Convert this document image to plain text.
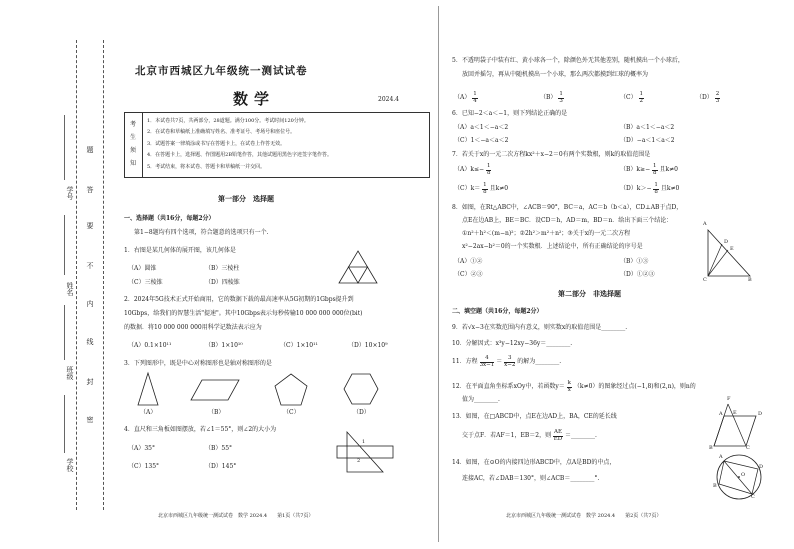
题
答
要
不
内
线
封
密
学号
姓名
班级
学校
北京市西城区九年级统一测试试卷
数学	2024.4
考
生
须
知
1．本试卷共7页，共两部分，28道题。满分100分。考试时间120分钟。
2．在试卷和草稿纸上准确填写姓名、准考证号、考场号和座位号。
3．试题答案一律填涂或书写在答题卡上，在试卷上作答无效。
4．在答题卡上，选择题、作图题用2B铅笔作答，其他试题用黑色字迹签字笔作答。
5．考试结束，将本试卷、答题卡和草稿纸一并交回。
第一部分　选择题
一、选择题（共16分，每题2分）
第1−8题均有四个选项，符合题意的选项只有一个.
1．右图是某几何体的展开图，该几何体是
（A）圆锥	（B）三棱柱
（C）三棱锥	（D）四棱锥
2．2024年5G技术正式开始商用，它的数据下载的最高速率从5G初期的1Gbps提升到
10Gbps，给我们的智慧生活"提速"。其中10Gbps表示每秒传输10 000 000 000位(bit)
的数据．将10 000 000 000用科学记数法表示应为
（A）0.1×10¹¹	（B）1×10¹⁰	（C）1×10¹¹	（D）10×10⁹
3．下列图形中，既是中心对称图形也是轴对称图形的是
（A）	（B）	（C）	（D）
4．直尺和三角板如图摆放，若∠1＝55°，则∠2的大小为
（A）35°	（B）55°
（C）135°	（D）145°
1
2
北京市西城区九年级统一测试试卷　数学 2024.4　　第1页（共7页）
5．不透明袋子中装有红、黄小球各一个，除颜色外无其他差别，随机摸出一个小球后，
放回并摇匀，再从中随机摸出一个小球，那么两次都摸到红球的概率为
$(A) \frac{1}{4}$	$(B) \frac{1}{3}$	$(C) \frac{1}{2}$	$(D) \frac{2}{3}$
6．已知−2＜a＜−1，则下列结论正确的是
（A）a＜1＜−a＜2	（B）a＜1＜−a＜2
（C）1＜−a＜a＜2	（D）−a＜1＜a＜2
7．若关于x的一元二次方程kx²＋x−2＝0有两个实数根，则k的取值范围是
$(A)k\le- \frac{1}{8}$	$(B)k\ge- \frac{1}{8}$ 且k≠0
$(C)k= \frac{1}{8}$ 且k≠0	$(D)k>- \frac{1}{8}$ 且k≠0
8．如图，在Rt△ABC中，∠ACB＝90°，BC＝a，AC＝b（b＜a），CD⊥AB于点D，
点E在边AB上，BE＝BC．设CD＝h，AD＝m，BD＝n．给出下面三个结论：
①n²＋h²＜(m−n)²；②2h²＞m²＋n²；③关于x的一元二次方程
x²−2ax−b²＝0的一个实数根．上述结论中，所有正确结论的序号是
（A）①②	（B）①③
（C）②③	（D）①②③
A
D
E
C	B
第二部分　非选择题
二、填空题（共16分，每题2分）
9．若√x−3在实数范围内有意义，则实数x的取值范围是________.
10．分解因式：x³y−12xy−36y＝________.
11．方程 $\frac{4}{3x-1} = \frac{3}{x-2}$ 的解为________.
12．在平面直角坐标系xOy中，若函数$y= \frac{k}{x} (k\ne 0)$的图象经过点(−1,8)和(2,n)，则n的
值为________.
13．如图，在□ABCD中，点E在边AD上，BA，CE的延长线
交于点F．若AF＝1，EB＝2，则 $\frac{AE}{ED}$ ＝________.
F
A E	D
B	C
14．如图，在⊙O的内接四边形ABCD中，点A是BD的中点，
连接AC，若∠DAB＝130°，则∠ACB＝________°.
A
D
O
B
C
北京市西城区九年级统一测试试卷　数学 2024.4　　第2页（共7页）
